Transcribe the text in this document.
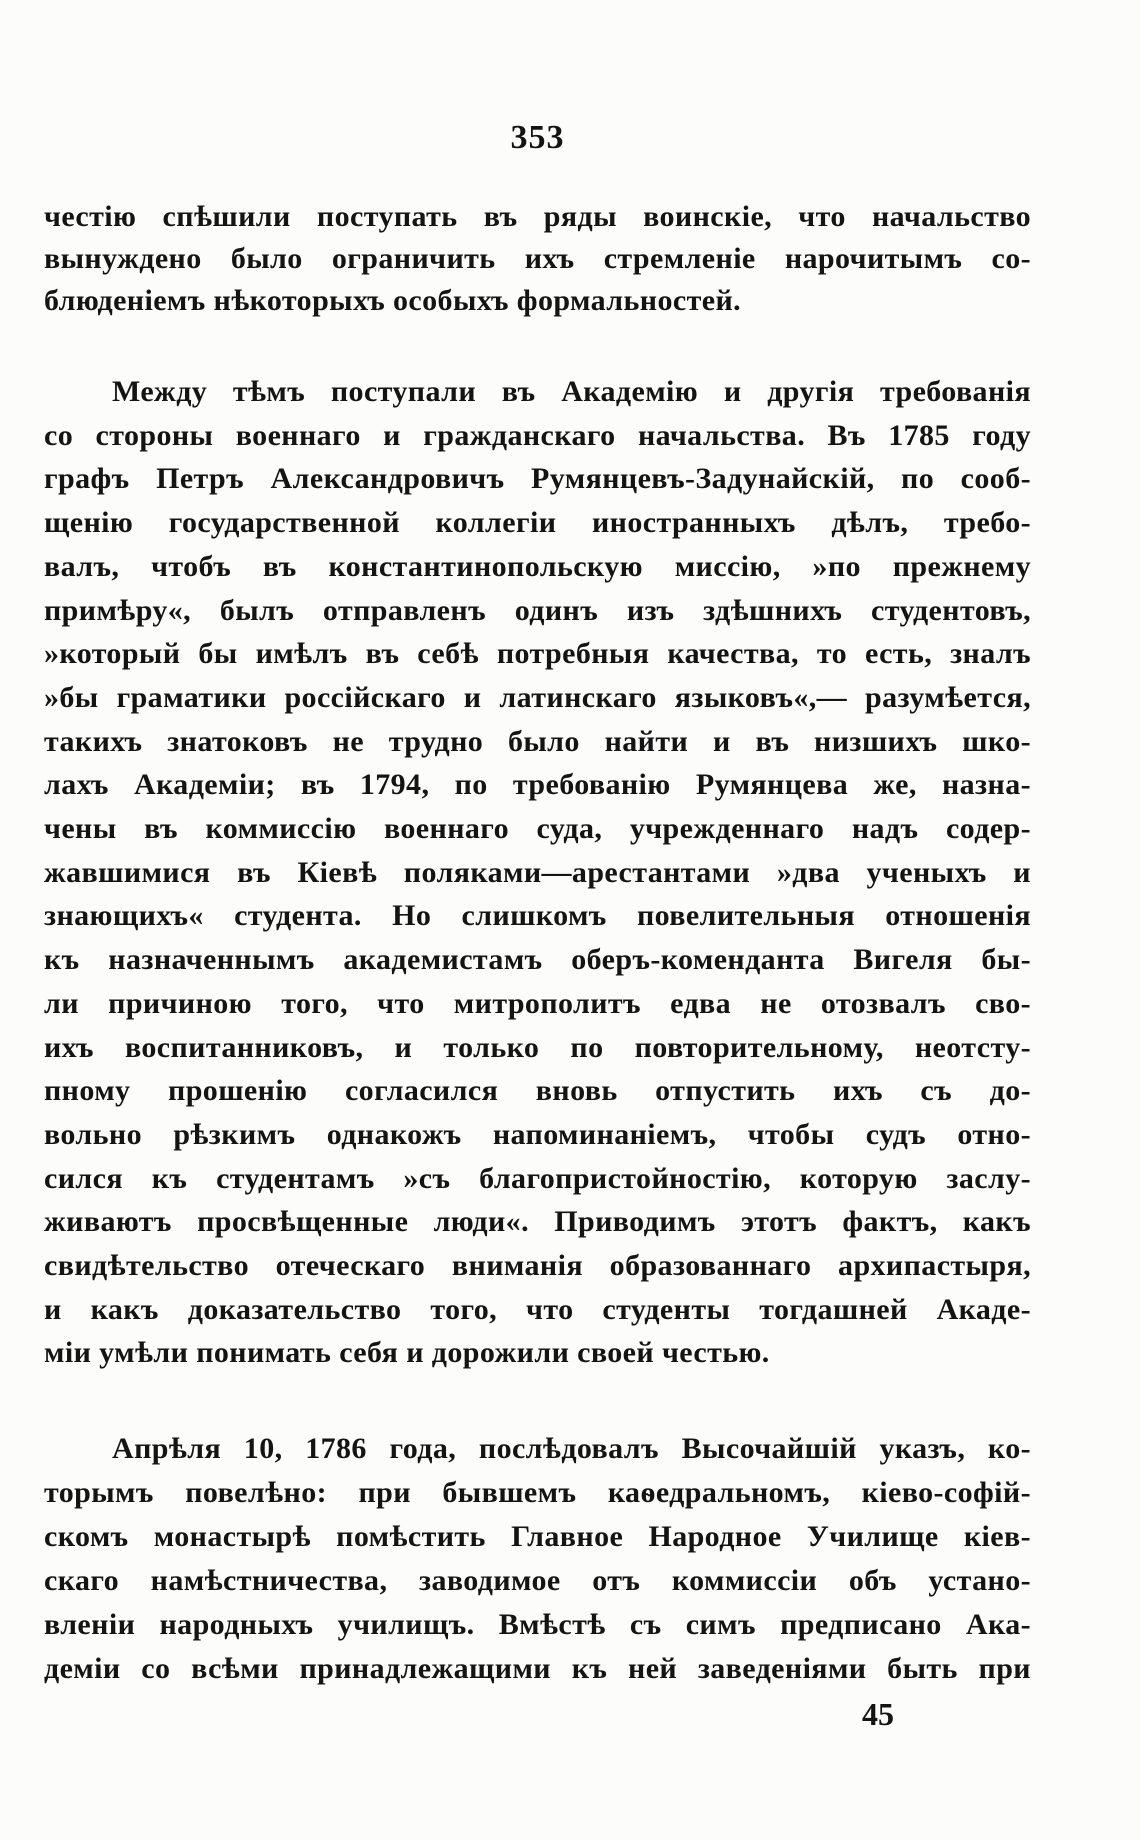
353
честію спѣшили поступать въ ряды воинскіе, что начальство
вынуждено было ограничить ихъ стремленіе нарочитымъ со-
блюденіемъ нѣкоторыхъ особыхъ формальностей.
Между тѣмъ поступали въ Академію и другія требованія
со стороны военнаго и гражданскаго начальства. Въ 1785 году
графъ Петръ Александровичъ Румянцевъ-Задунайскій, по сооб-
щенію государственной коллегіи иностранныхъ дѣлъ, требо-
валъ, чтобъ въ константинопольскую миссію, »по прежнему
примѣру«, былъ отправленъ одинъ изъ здѣшнихъ студентовъ,
»который бы имѣлъ въ себѣ потребныя качества, то есть, зналъ
»бы граматики россійскаго и латинскаго языковъ«,— разумѣется,
такихъ знатоковъ не трудно было найти и въ низшихъ шко-
лахъ Академіи; въ 1794, по требованію Румянцева же, назна-
чены въ коммиссію военнаго суда, учрежденнаго надъ содер-
жавшимися въ Кіевѣ поляками—арестантами »два ученыхъ и
знающихъ« студента. Но слишкомъ повелительныя отношенія
къ назначеннымъ академистамъ оберъ-коменданта Вигеля бы-
ли причиною того, что митрополитъ едва не отозвалъ сво-
ихъ воспитанниковъ, и только по повторительному, неотсту-
пному прошенію согласился вновь отпустить ихъ съ до-
вольно рѣзкимъ однакожъ напоминаніемъ, чтобы судъ отно-
сился къ студентамъ »съ благопристойностію, которую заслу-
живаютъ просвѣщенные люди«. Приводимъ этотъ фактъ, какъ
свидѣтельство отеческаго вниманія образованнаго архипастыря,
и какъ доказательство того, что студенты тогдашней Акаде-
міи умѣли понимать себя и дорожили своей честью.
Апрѣля 10, 1786 года, послѣдовалъ Высочайшій указъ, ко-
торымъ повелѣно: при бывшемъ каѳедральномъ, кіево-софій-
скомъ монастырѣ помѣстить Главное Народное Училище кіев-
скаго намѣстничества, заводимое отъ коммиссіи объ устано-
вленіи народныхъ училищъ. Вмѣстѣ съ симъ предписано Ака-
деміи со всѣми принадлежащими къ ней заведеніями быть при
45
